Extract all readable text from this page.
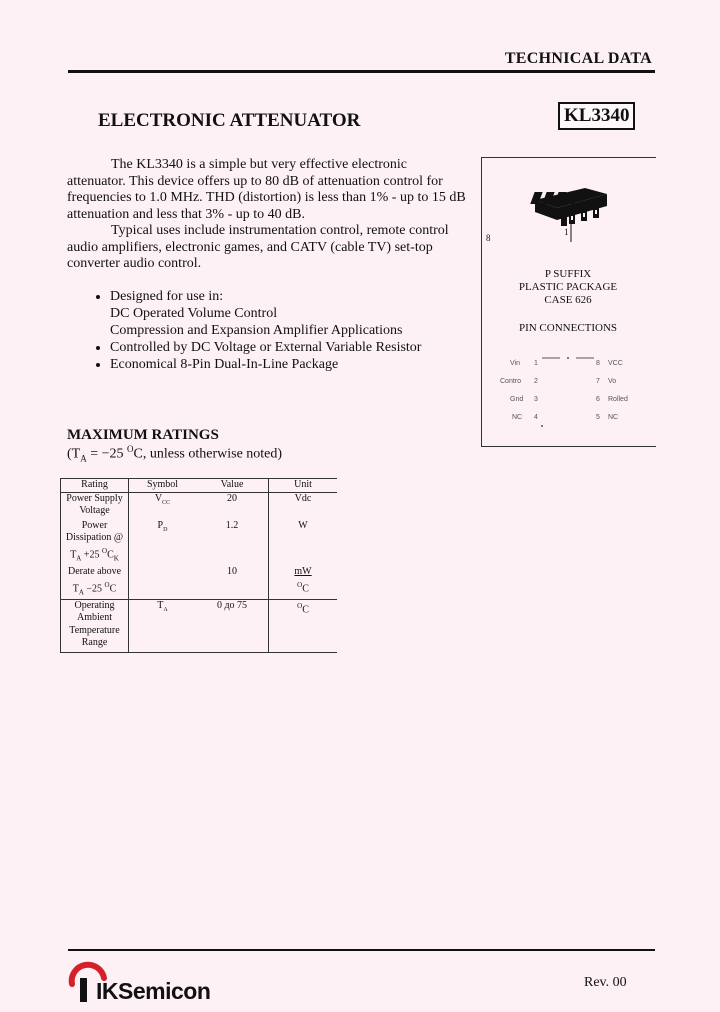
TECHNICAL DATA
ELECTRONIC ATTENUATOR	KL3340

The KL3340 is a simple but very effective electronic attenuator. This device offers up to 80 dB of attenuation control for frequencies to 1.0 MHz. THD (distortion) is less than 1% - up to 15 dB attenuation and less that 3% - up to 40 dB.

Typical uses include instrumentation control, remote control audio amplifiers, electronic games, and CATV (cable TV) set-top converter audio control.

• Designed for use in:
DC Operated Volume Control
Compression and Expansion Amplifier Applications
• Controlled by DC Voltage or External Variable Resistor
• Economical 8-Pin Dual-In-Line Package
8
1
P SUFFIX
PLASTIC PACKAGE
CASE 626
PIN CONNECTIONS
Vin 1	8 VCC
Contro 2	7 Vo
Gnd 3	6 Rolled
NC 4	5 NC
MAXIMUM RATINGS
($T_A = -25$ $^O$C, unless otherwise noted)
Rating	Symbol	Value	Unit
Power Supply Voltage	$V_{CC}$	20	Vdc
Power Dissipation @ $T_A +25$ $^OC_K$	$P_D$	1.2	W
Derate above $T_A -25$ $^O$C		10	mW
$^O$C
Operating Ambient Temperature Range	$T_A$	0 до 75	$^O$C
IKSemicon	Rev. 00
